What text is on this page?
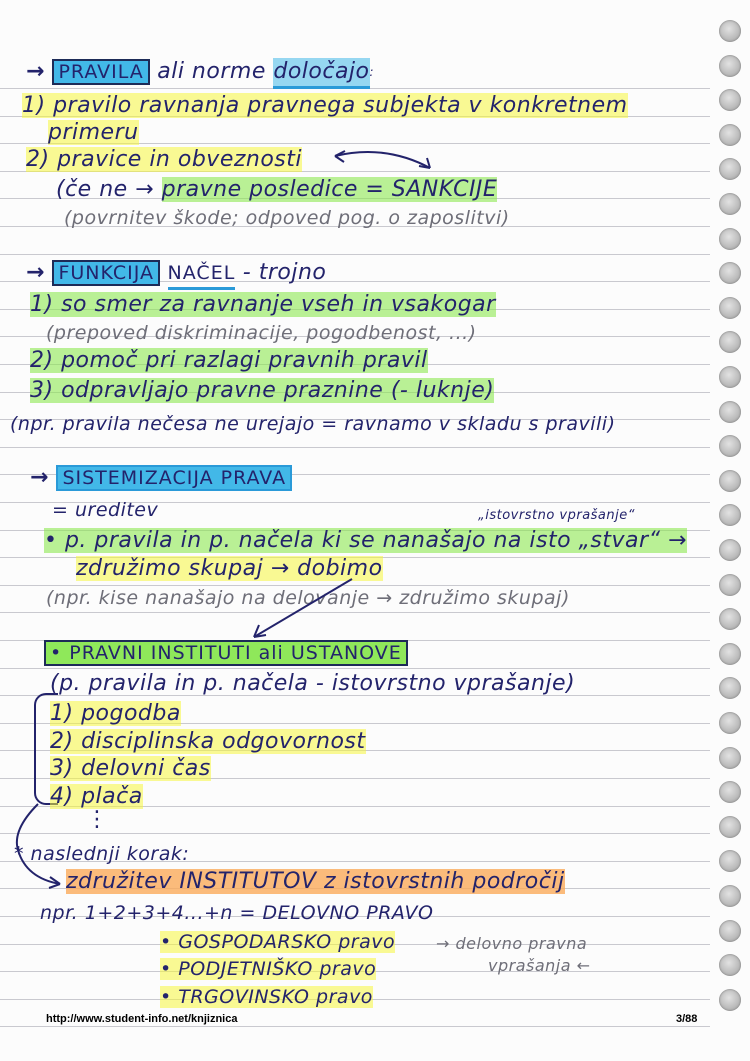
→ PRAVILA ali norme določajo:
1) pravilo ravnanja pravnega subjekta v konkretnem
primeru
2) pravice in obveznosti
(če ne → pravne posledice = SANKCIJE
(povrnitev škode; odpoved pog. o zaposlitvi)
→ FUNKCIJA NAČEL - trojno
1) so smer za ravnanje vseh in vsakogar
(prepoved diskriminacije, pogodbenost, ...)
2) pomoč pri razlagi pravnih pravil
3) odpravljajo pravne praznine (- luknje)
(npr. pravila nečesa ne urejajo = ravnamo v skladu s pravili)
→ SISTEMIZACIJA PRAVA
= ureditev	„istovrstno vprašanje“
• p. pravila in p. načela ki se nanašajo na isto „stvar“ →
združimo skupaj → dobimo
(npr. kise nanašajo na delovanje → združimo skupaj)
• PRAVNI INSTITUTI ali USTANOVE
(p. pravila in p. načela - istovrstno vprašanje)
1) pogodba
2) disciplinska odgovornost
3) delovni čas
4) plača
⋮
* naslednji korak:
združitev INSTITUTOV z istovrstnih področij
npr. 1+2+3+4...+n = DELOVNO PRAVO
• GOSPODARSKO pravo
• PODJETNIŠKO pravo
• TRGOVINSKO pravo
→ delovno pravna
vprašanja ←
http://www.student-info.net/knjiznica	3/88
